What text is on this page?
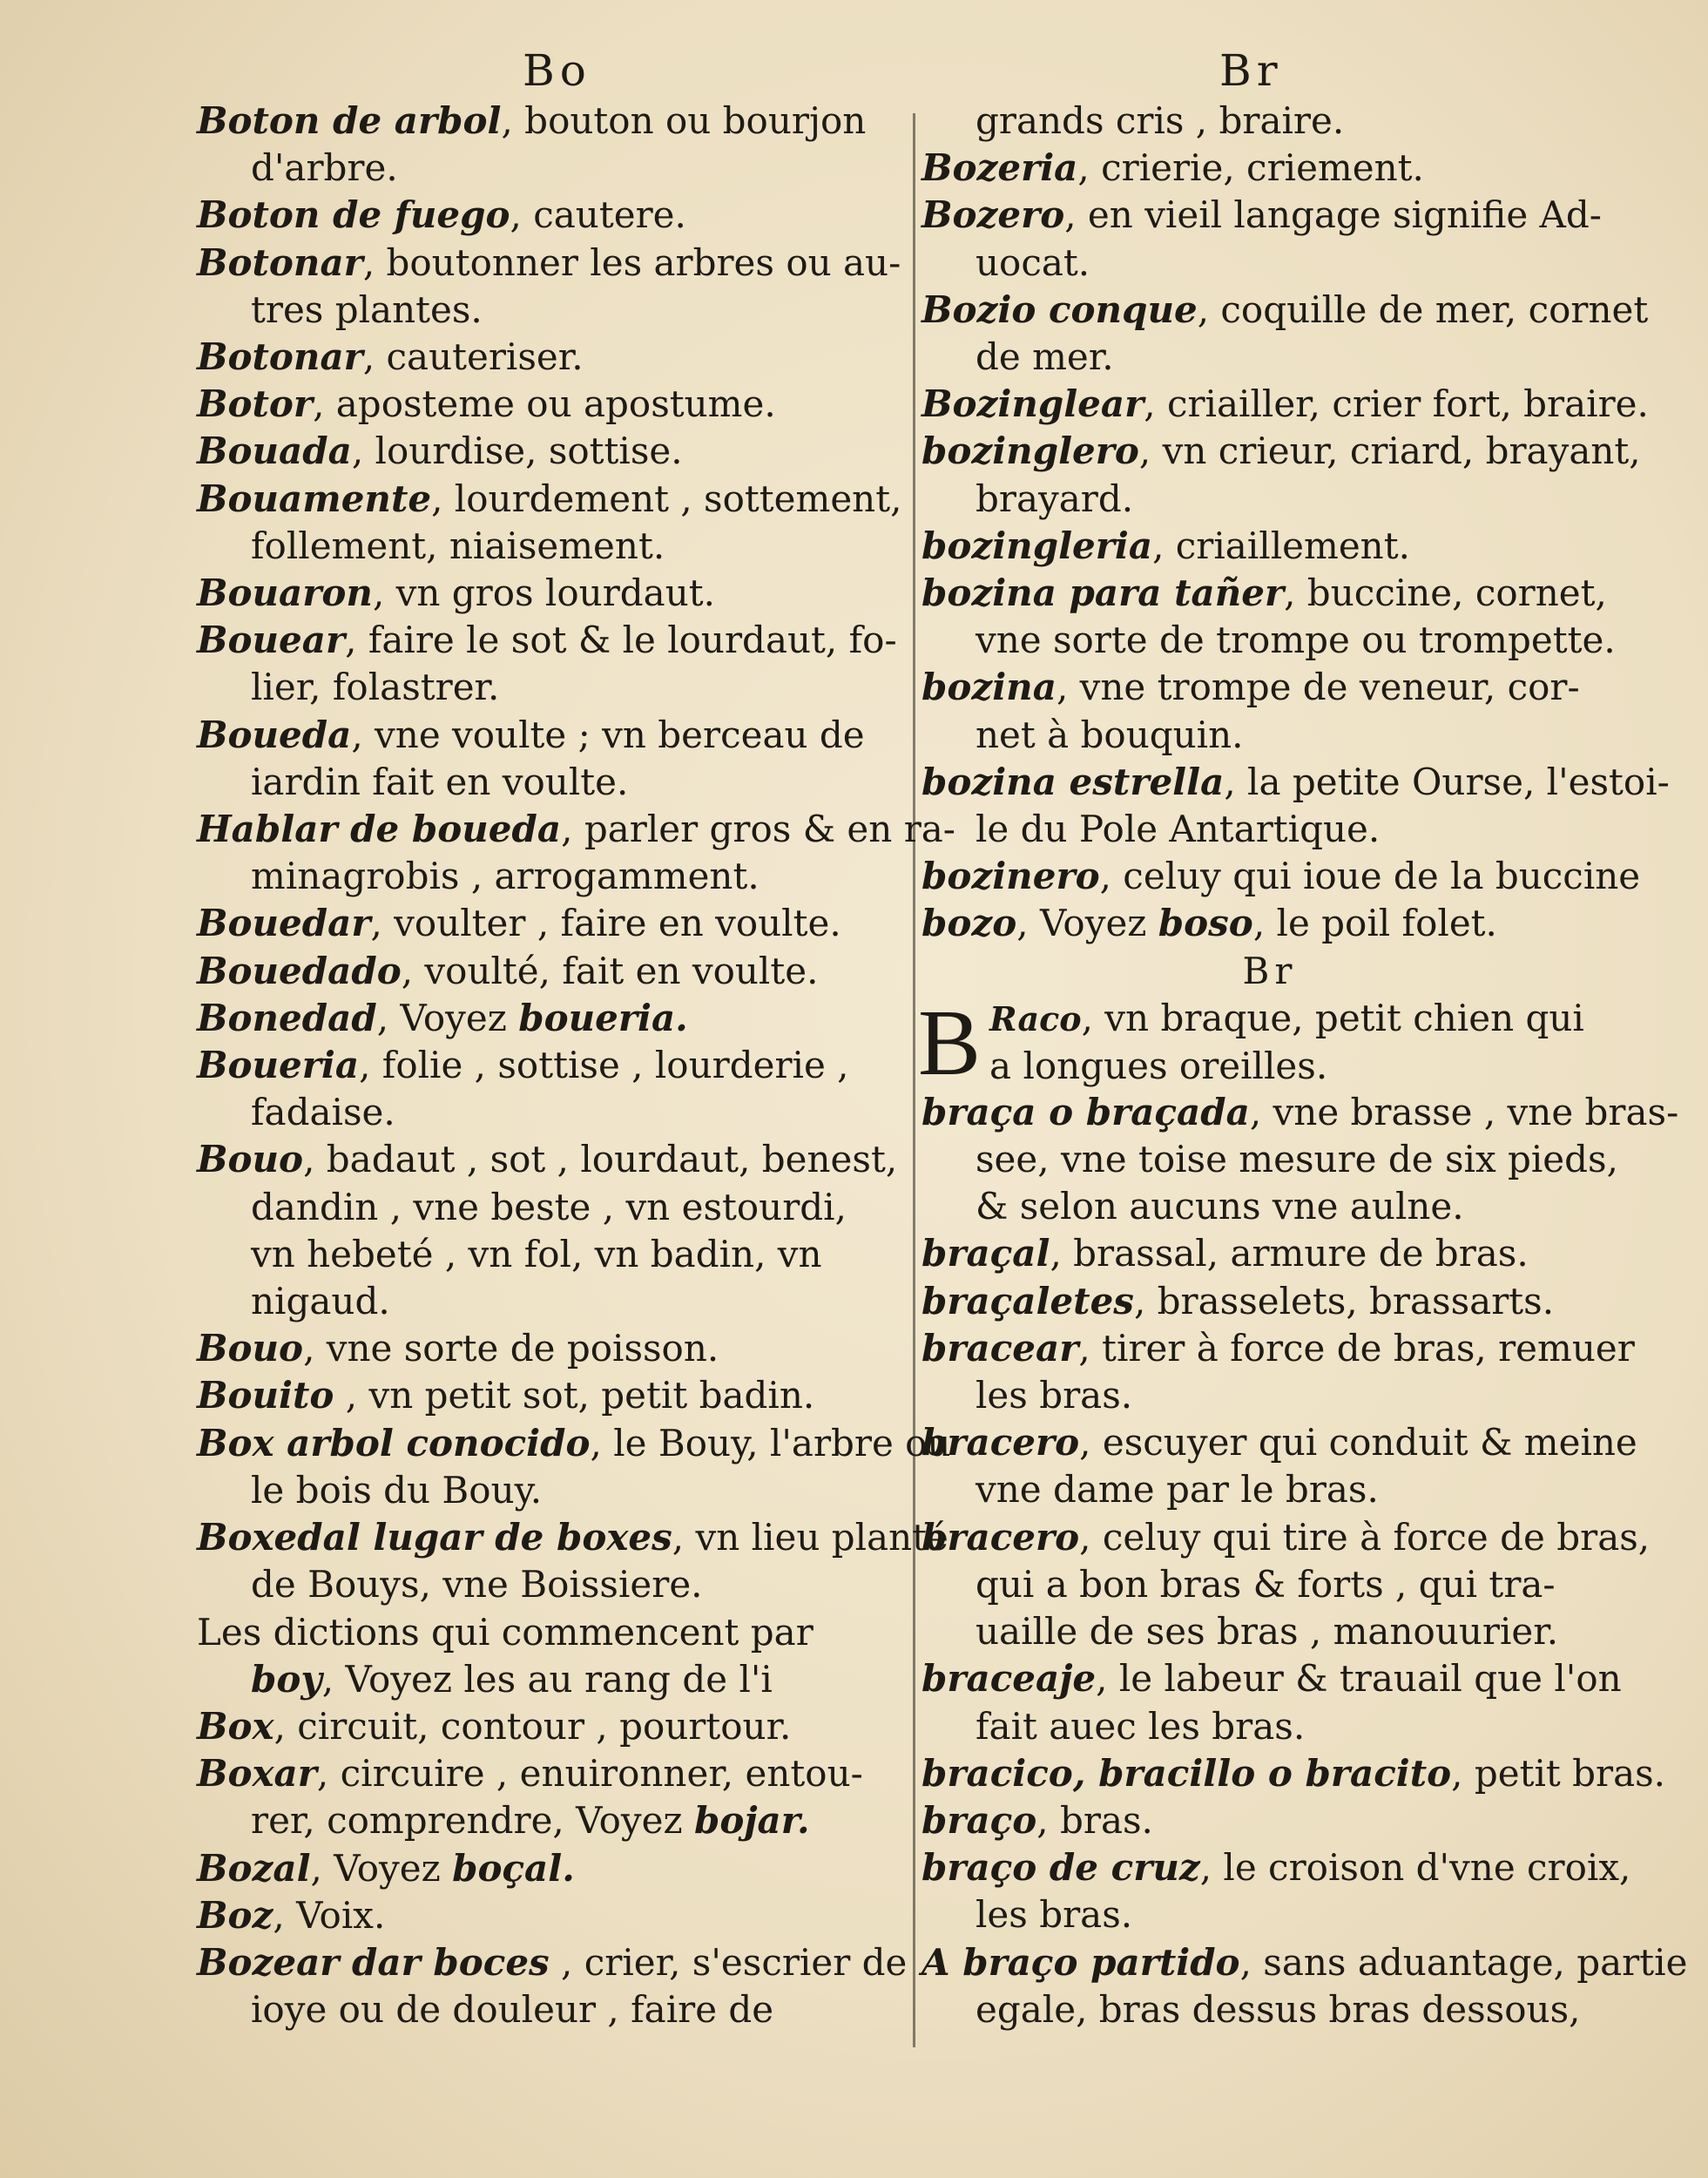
Bo	Br
Boton de arbol, bouton ou bourjon
d'arbre.
Boton de fuego, cautere.
Botonar, boutonner les arbres ou au-
tres plantes.
Botonar, cauteriser.
Botor, aposteme ou apostume.
Bouada, lourdise, sottise.
Bouamente, lourdement , sottement,
follement, niaisement.
Bouaron, vn gros lourdaut.
Bouear, faire le sot & le lourdaut, fo-
lier, folastrer.
Boueda, vne voulte ; vn berceau de
iardin fait en voulte.
Hablar de boueda, parler gros & en ra-
minagrobis , arrogamment.
Bouedar, voulter , faire en voulte.
Bouedado, voulté, fait en voulte.
Bonedad, Voyez boueria.
Boueria, folie , sottise , lourderie ,
fadaise.
Bouo, badaut , sot , lourdaut, benest,
dandin , vne beste , vn estourdi,
vn hebeté , vn fol, vn badin, vn
nigaud.
Bouo, vne sorte de poisson.
Bouito , vn petit sot, petit badin.
Box arbol conocido, le Bouy, l'arbre ou
le bois du Bouy.
Boxedal lugar de boxes, vn lieu planté
de Bouys, vne Boissiere.
Les dictions qui commencent par
boy, Voyez les au rang de l'i
Box, circuit, contour , pourtour.
Boxar, circuire , enuironner, entou-
rer, comprendre, Voyez bojar.
Bozal, Voyez boçal.
Boz, Voix.
Bozear dar boces , crier, s'escrier de
ioye ou de douleur , faire de
grands cris , braire.
Bozeria, crierie, criement.
Bozero, en vieil langage signifie Ad-
uocat.
Bozio conque, coquille de mer, cornet
de mer.
Bozinglear, criailler, crier fort, braire.
bozinglero, vn crieur, criard, brayant,
brayard.
bozingleria, criaillement.
bozina para tañer, buccine, cornet,
vne sorte de trompe ou trompette.
bozina, vne trompe de veneur, cor-
net à bouquin.
bozina estrella, la petite Ourse, l'estoi-
le du Pole Antartique.
bozinero, celuy qui ioue de la buccine
bozo, Voyez boso, le poil folet.
Br
B Raco, vn braque, petit chien qui
a longues oreilles.
braça o braçada, vne brasse , vne bras-
see, vne toise mesure de six pieds,
& selon aucuns vne aulne.
braçal, brassal, armure de bras.
braçaletes, brasselets, brassarts.
bracear, tirer à force de bras, remuer
les bras.
bracero, escuyer qui conduit & meine
vne dame par le bras.
bracero, celuy qui tire à force de bras,
qui a bon bras & forts , qui tra-
uaille de ses bras , manouurier.
braceaje, le labeur & trauail que l'on
fait auec les bras.
bracico, bracillo o bracito, petit bras.
braço, bras.
braço de cruz, le croison d'vne croix,
les bras.
A braço partido, sans aduantage, partie
egale, bras dessus bras dessous,
